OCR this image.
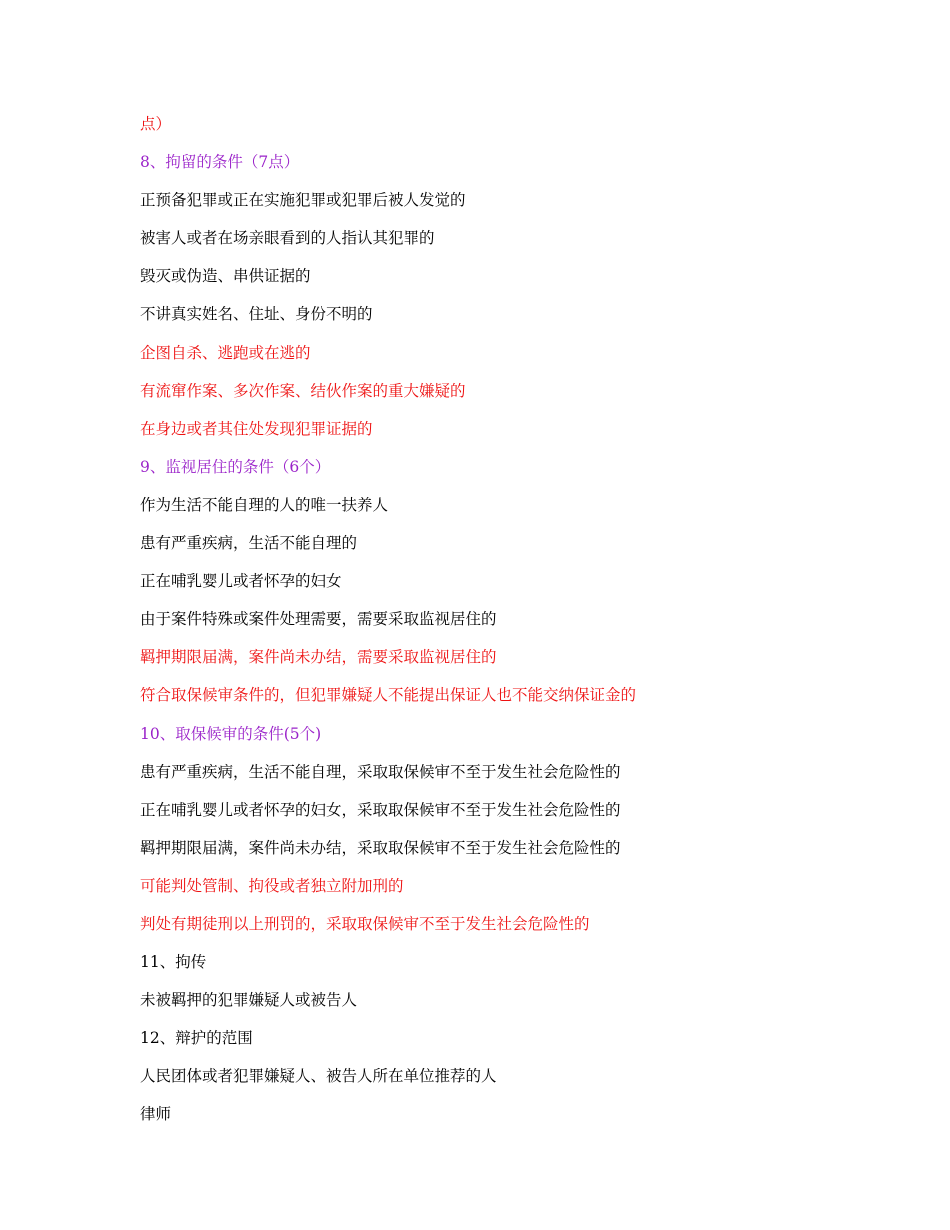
点）
8、拘留的条件（7点）
正预备犯罪或正在实施犯罪或犯罪后被人发觉的
被害人或者在场亲眼看到的人指认其犯罪的
毁灭或伪造、串供证据的
不讲真实姓名、住址、身份不明的
企图自杀、逃跑或在逃的
有流窜作案、多次作案、结伙作案的重大嫌疑的
在身边或者其住处发现犯罪证据的
9、监视居住的条件（6个）
作为生活不能自理的人的唯一扶养人
患有严重疾病，生活不能自理的
正在哺乳婴儿或者怀孕的妇女
由于案件特殊或案件处理需要，需要采取监视居住的
羁押期限届满，案件尚未办结，需要采取监视居住的
符合取保候审条件的，但犯罪嫌疑人不能提出保证人也不能交纳保证金的
10、取保候审的条件(5个)
患有严重疾病，生活不能自理，采取取保候审不至于发生社会危险性的
正在哺乳婴儿或者怀孕的妇女，采取取保候审不至于发生社会危险性的
羁押期限届满，案件尚未办结，采取取保候审不至于发生社会危险性的
可能判处管制、拘役或者独立附加刑的
判处有期徒刑以上刑罚的，采取取保候审不至于发生社会危险性的
11、拘传
未被羁押的犯罪嫌疑人或被告人
12、辩护的范围
人民团体或者犯罪嫌疑人、被告人所在单位推荐的人
律师
